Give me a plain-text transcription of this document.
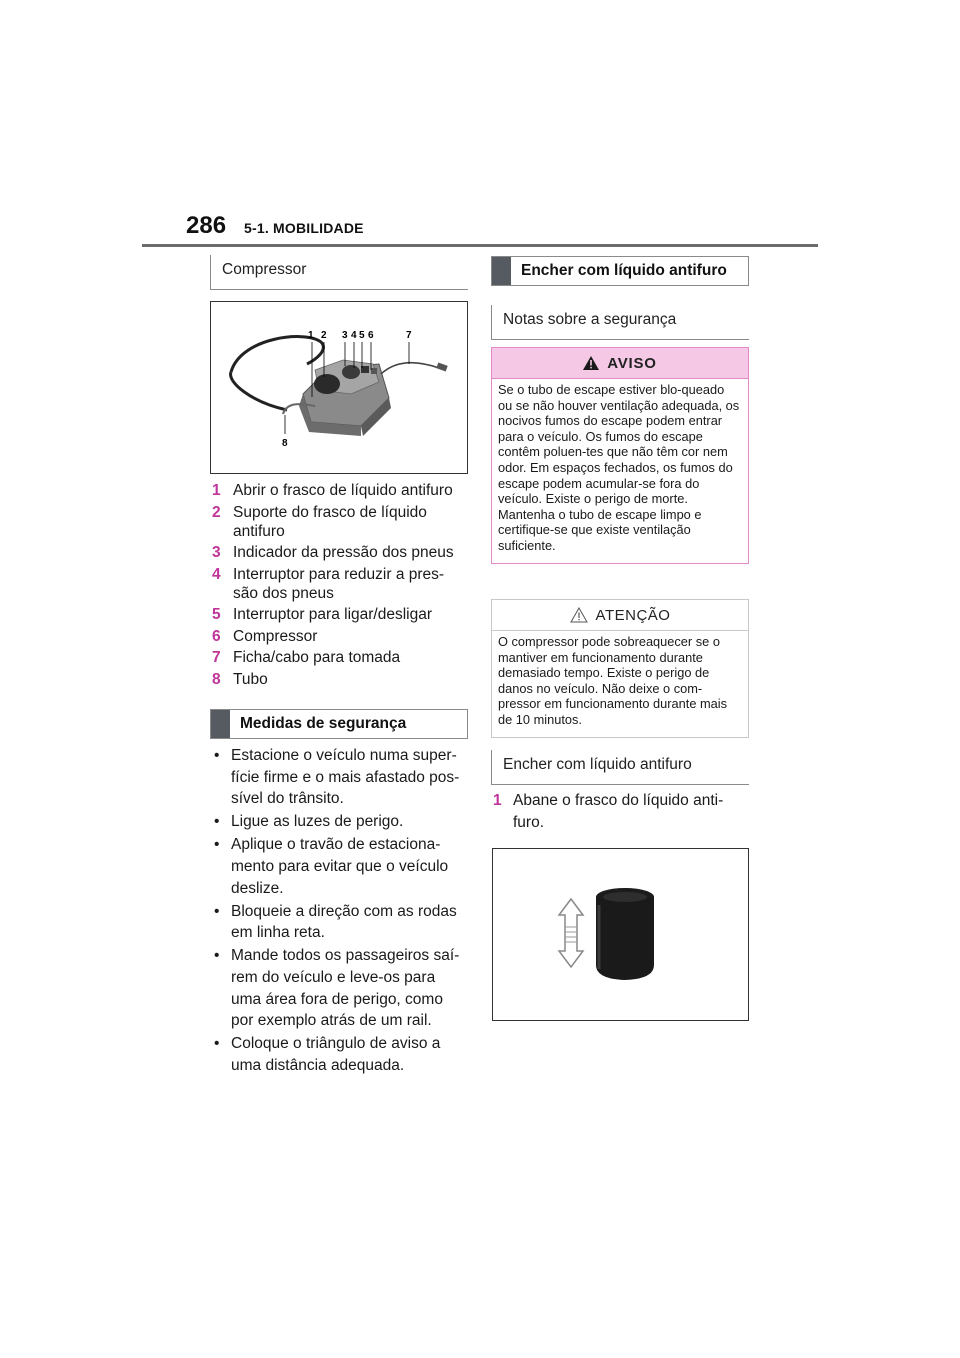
286 5-1. MOBILIDADE
Compressor
1 2 3 4 5 6	7
8
1 Abrir o frasco de líquido antifuro
2 Suporte do frasco de líquido antifuro
3 Indicador da pressão dos pneus
4 Interruptor para reduzir a pres-são dos pneus
5 Interruptor para ligar/desligar
6 Compressor
7 Ficha/cabo para tomada
8 Tubo
Medidas de segurança
• Estacione o veículo numa super-fície firme e o mais afastado pos-sível do trânsito.
• Ligue as luzes de perigo.
• Aplique o travão de estaciona-mento para evitar que o veículo deslize.
• Bloqueie a direção com as rodas em linha reta.
• Mande todos os passageiros saí-rem do veículo e leve-os para uma área fora de perigo, como por exemplo atrás de um rail.
• Coloque o triângulo de aviso a uma distância adequada.
Encher com líquido antifuro
Notas sobre a segurança
AVISO
Se o tubo de escape estiver blo-queado ou se não houver ventilação adequada, os nocivos fumos do escape podem entrar para o veículo. Os fumos do escape contêm poluen-tes que não têm cor nem odor. Em espaços fechados, os fumos do escape podem acumular-se fora do veículo. Existe o perigo de morte. Mantenha o tubo de escape limpo e certifique-se que existe ventilação suficiente.
ATENÇÃO
O compressor pode sobreaquecer se o mantiver em funcionamento durante demasiado tempo. Existe o perigo de danos no veículo. Não deixe o com-pressor em funcionamento durante mais de 10 minutos.
Encher com líquido antifuro
1 Abane o frasco do líquido anti-furo.
